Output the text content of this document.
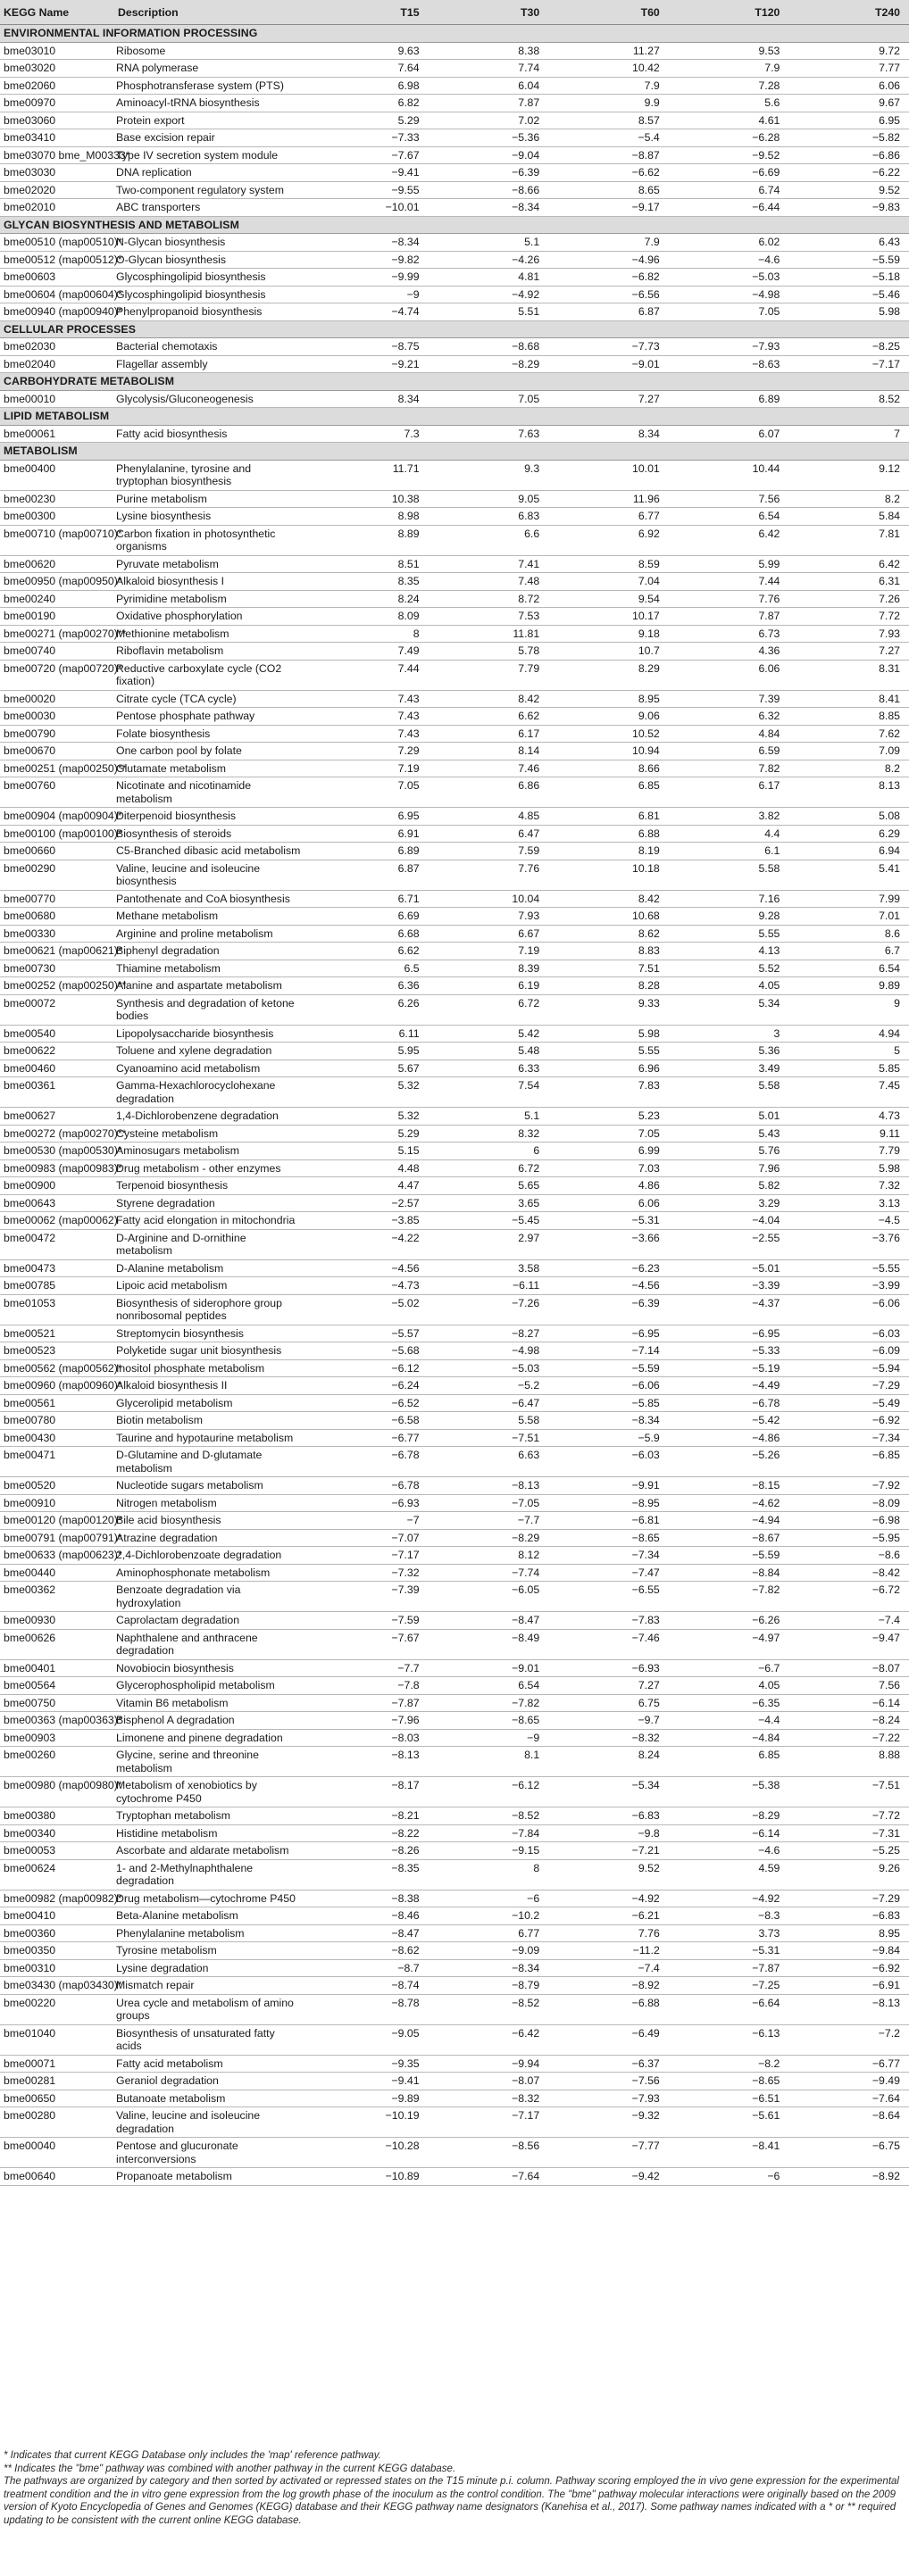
KEGG Name	Description	T15	T30	T60	T120	T240
ENVIRONMENTAL INFORMATION PROCESSING						
bme03010	Ribosome	9.63	8.38	11.27	9.53	9.72
bme03020	RNA polymerase	7.64	7.74	10.42	7.9	7.77
bme02060	Phosphotransferase system (PTS)	6.98	6.04	7.9	7.28	6.06
bme00970	Aminoacyl-tRNA biosynthesis	6.82	7.87	9.9	5.6	9.67
bme03060	Protein export	5.29	7.02	8.57	4.61	6.95
bme03410	Base excision repair	−7.33	−5.36	−5.4	−6.28	−5.82
bme03070 bme_M00333*	Type IV secretion system module	−7.67	−9.04	−8.87	−9.52	−6.86
bme03030	DNA replication	−9.41	−6.39	−6.62	−6.69	−6.22
bme02020	Two-component regulatory system	−9.55	−8.66	8.65	6.74	9.52
bme02010	ABC transporters	−10.01	−8.34	−9.17	−6.44	−9.83
GLYCAN BIOSYNTHESIS AND METABOLISM						
bme00510 (map00510)*	N-Glycan biosynthesis	−8.34	5.1	7.9	6.02	6.43
bme00512 (map00512)*	O-Glycan biosynthesis	−9.82	−4.26	−4.96	−4.6	−5.59
bme00603	Glycosphingolipid biosynthesis	−9.99	4.81	−6.82	−5.03	−5.18
bme00604 (map00604)*	Glycosphingolipid biosynthesis	−9	−4.92	−6.56	−4.98	−5.46
bme00940 (map00940)*	Phenylpropanoid biosynthesis	−4.74	5.51	6.87	7.05	5.98
CELLULAR PROCESSES						
bme02030	Bacterial chemotaxis	−8.75	−8.68	−7.73	−7.93	−8.25
bme02040	Flagellar assembly	−9.21	−8.29	−9.01	−8.63	−7.17
CARBOHYDRATE METABOLISM						
bme00010	Glycolysis/Gluconeogenesis	8.34	7.05	7.27	6.89	8.52
LIPID METABOLISM						
bme00061	Fatty acid biosynthesis	7.3	7.63	8.34	6.07	7
METABOLISM						
bme00400	Phenylalanine, tyrosine and tryptophan biosynthesis	11.71	9.3	10.01	10.44	9.12
bme00230	Purine metabolism	10.38	9.05	11.96	7.56	8.2
bme00300	Lysine biosynthesis	8.98	6.83	6.77	6.54	5.84
bme00710 (map00710)*	Carbon fixation in photosynthetic organisms	8.89	6.6	6.92	6.42	7.81
bme00620	Pyruvate metabolism	8.51	7.41	8.59	5.99	6.42
bme00950 (map00950)*	Alkaloid biosynthesis I	8.35	7.48	7.04	7.44	6.31
bme00240	Pyrimidine metabolism	8.24	8.72	9.54	7.76	7.26
bme00190	Oxidative phosphorylation	8.09	7.53	10.17	7.87	7.72
bme00271 (map00270)**	Methionine metabolism	8	11.81	9.18	6.73	7.93
bme00740	Riboflavin metabolism	7.49	5.78	10.7	4.36	7.27
bme00720 (map00720)*	Reductive carboxylate cycle (CO2 fixation)	7.44	7.79	8.29	6.06	8.31
bme00020	Citrate cycle (TCA cycle)	7.43	8.42	8.95	7.39	8.41
bme00030	Pentose phosphate pathway	7.43	6.62	9.06	6.32	8.85
bme00790	Folate biosynthesis	7.43	6.17	10.52	4.84	7.62
bme00670	One carbon pool by folate	7.29	8.14	10.94	6.59	7.09
bme00251 (map00250)**	Glutamate metabolism	7.19	7.46	8.66	7.82	8.2
bme00760	Nicotinate and nicotinamide metabolism	7.05	6.86	6.85	6.17	8.13
bme00904 (map00904)*	Diterpenoid biosynthesis	6.95	4.85	6.81	3.82	5.08
bme00100 (map00100)*	Biosynthesis of steroids	6.91	6.47	6.88	4.4	6.29
bme00660	C5-Branched dibasic acid metabolism	6.89	7.59	8.19	6.1	6.94
bme00290	Valine, leucine and isoleucine biosynthesis	6.87	7.76	10.18	5.58	5.41
bme00770	Pantothenate and CoA biosynthesis	6.71	10.04	8.42	7.16	7.99
bme00680	Methane metabolism	6.69	7.93	10.68	9.28	7.01
bme00330	Arginine and proline metabolism	6.68	6.67	8.62	5.55	8.6
bme00621 (map00621)*	Biphenyl degradation	6.62	7.19	8.83	4.13	6.7
bme00730	Thiamine metabolism	6.5	8.39	7.51	5.52	6.54
bme00252 (map00250)**	Alanine and aspartate metabolism	6.36	6.19	8.28	4.05	9.89
bme00072	Synthesis and degradation of ketone bodies	6.26	6.72	9.33	5.34	9
bme00540	Lipopolysaccharide biosynthesis	6.11	5.42	5.98	3	4.94
bme00622	Toluene and xylene degradation	5.95	5.48	5.55	5.36	5
bme00460	Cyanoamino acid metabolism	5.67	6.33	6.96	3.49	5.85
bme00361	Gamma-Hexachlorocyclohexane degradation	5.32	7.54	7.83	5.58	7.45
bme00627	1,4-Dichlorobenzene degradation	5.32	5.1	5.23	5.01	4.73
bme00272 (map00270)**	Cysteine metabolism	5.29	8.32	7.05	5.43	9.11
bme00530 (map00530)*	Aminosugars metabolism	5.15	6	6.99	5.76	7.79
bme00983 (map00983)*	Drug metabolism - other enzymes	4.48	6.72	7.03	7.96	5.98
bme00900	Terpenoid biosynthesis	4.47	5.65	4.86	5.82	7.32
bme00643	Styrene degradation	−2.57	3.65	6.06	3.29	3.13
bme00062 (map00062)	Fatty acid elongation in mitochondria	−3.85	−5.45	−5.31	−4.04	−4.5
bme00472	D-Arginine and D-ornithine metabolism	−4.22	2.97	−3.66	−2.55	−3.76
bme00473	D-Alanine metabolism	−4.56	3.58	−6.23	−5.01	−5.55
bme00785	Lipoic acid metabolism	−4.73	−6.11	−4.56	−3.39	−3.99
bme01053	Biosynthesis of siderophore group nonribosomal peptides	−5.02	−7.26	−6.39	−4.37	−6.06
bme00521	Streptomycin biosynthesis	−5.57	−8.27	−6.95	−6.95	−6.03
bme00523	Polyketide sugar unit biosynthesis	−5.68	−4.98	−7.14	−5.33	−6.09
bme00562 (map00562)*	Inositol phosphate metabolism	−6.12	−5.03	−5.59	−5.19	−5.94
bme00960 (map00960)*	Alkaloid biosynthesis II	−6.24	−5.2	−6.06	−4.49	−7.29
bme00561	Glycerolipid metabolism	−6.52	−6.47	−5.85	−6.78	−5.49
bme00780	Biotin metabolism	−6.58	5.58	−8.34	−5.42	−6.92
bme00430	Taurine and hypotaurine metabolism	−6.77	−7.51	−5.9	−4.86	−7.34
bme00471	D-Glutamine and D-glutamate metabolism	−6.78	6.63	−6.03	−5.26	−6.85
bme00520	Nucleotide sugars metabolism	−6.78	−8.13	−9.91	−8.15	−7.92
bme00910	Nitrogen metabolism	−6.93	−7.05	−8.95	−4.62	−8.09
bme00120 (map00120)*	Bile acid biosynthesis	−7	−7.7	−6.81	−4.94	−6.98
bme00791 (map00791)*	Atrazine degradation	−7.07	−8.29	−8.65	−8.67	−5.95
bme00633 (map00623)*	2,4-Dichlorobenzoate degradation	−7.17	8.12	−7.34	−5.59	−8.6
bme00440	Aminophosphonate metabolism	−7.32	−7.74	−7.47	−8.84	−8.42
bme00362	Benzoate degradation via hydroxylation	−7.39	−6.05	−6.55	−7.82	−6.72
bme00930	Caprolactam degradation	−7.59	−8.47	−7.83	−6.26	−7.4
bme00626	Naphthalene and anthracene degradation	−7.67	−8.49	−7.46	−4.97	−9.47
bme00401	Novobiocin biosynthesis	−7.7	−9.01	−6.93	−6.7	−8.07
bme00564	Glycerophospholipid metabolism	−7.8	6.54	7.27	4.05	7.56
bme00750	Vitamin B6 metabolism	−7.87	−7.82	6.75	−6.35	−6.14
bme00363 (map00363)*	Bisphenol A degradation	−7.96	−8.65	−9.7	−4.4	−8.24
bme00903	Limonene and pinene degradation	−8.03	−9	−8.32	−4.84	−7.22
bme00260	Glycine, serine and threonine metabolism	−8.13	8.1	8.24	6.85	8.88
bme00980 (map00980)*	Metabolism of xenobiotics by cytochrome P450	−8.17	−6.12	−5.34	−5.38	−7.51
bme00380	Tryptophan metabolism	−8.21	−8.52	−6.83	−8.29	−7.72
bme00340	Histidine metabolism	−8.22	−7.84	−9.8	−6.14	−7.31
bme00053	Ascorbate and aldarate metabolism	−8.26	−9.15	−7.21	−4.6	−5.25
bme00624	1- and 2-Methylnaphthalene degradation	−8.35	8	9.52	4.59	9.26
bme00982 (map00982)*	Drug metabolism—cytochrome P450	−8.38	−6	−4.92	−4.92	−7.29
bme00410	Beta-Alanine metabolism	−8.46	−10.2	−6.21	−8.3	−6.83
bme00360	Phenylalanine metabolism	−8.47	6.77	7.76	3.73	8.95
bme00350	Tyrosine metabolism	−8.62	−9.09	−11.2	−5.31	−9.84
bme00310	Lysine degradation	−8.7	−8.34	−7.4	−7.87	−6.92
bme03430 (map03430)*	Mismatch repair	−8.74	−8.79	−8.92	−7.25	−6.91
bme00220	Urea cycle and metabolism of amino groups	−8.78	−8.52	−6.88	−6.64	−8.13
bme01040	Biosynthesis of unsaturated fatty acids	−9.05	−6.42	−6.49	−6.13	−7.2
bme00071	Fatty acid metabolism	−9.35	−9.94	−6.37	−8.2	−6.77
bme00281	Geraniol degradation	−9.41	−8.07	−7.56	−8.65	−9.49
bme00650	Butanoate metabolism	−9.89	−8.32	−7.93	−6.51	−7.64
bme00280	Valine, leucine and isoleucine degradation	−10.19	−7.17	−9.32	−5.61	−8.64
bme00040	Pentose and glucuronate interconversions	−10.28	−8.56	−7.77	−8.41	−6.75
bme00640	Propanoate metabolism	−10.89	−7.64	−9.42	−6	−8.92

* Indicates that current KEGG Database only includes the 'map' reference pathway.

** Indicates the "bme" pathway was combined with another pathway in the current KEGG database.

The pathways are organized by category and then sorted by activated or repressed states on the T15 minute p.i. column. Pathway scoring employed the in vivo gene expression for the experimental treatment condition and the in vitro gene expression from the log growth phase of the inoculum as the control condition. The "bme" pathway molecular interactions were originally based on the 2009 version of Kyoto Encyclopedia of Genes and Genomes (KEGG) database and their KEGG pathway name designators (Kanehisa et al., 2017). Some pathway names indicated with a * or ** required updating to be consistent with the current online KEGG database.
